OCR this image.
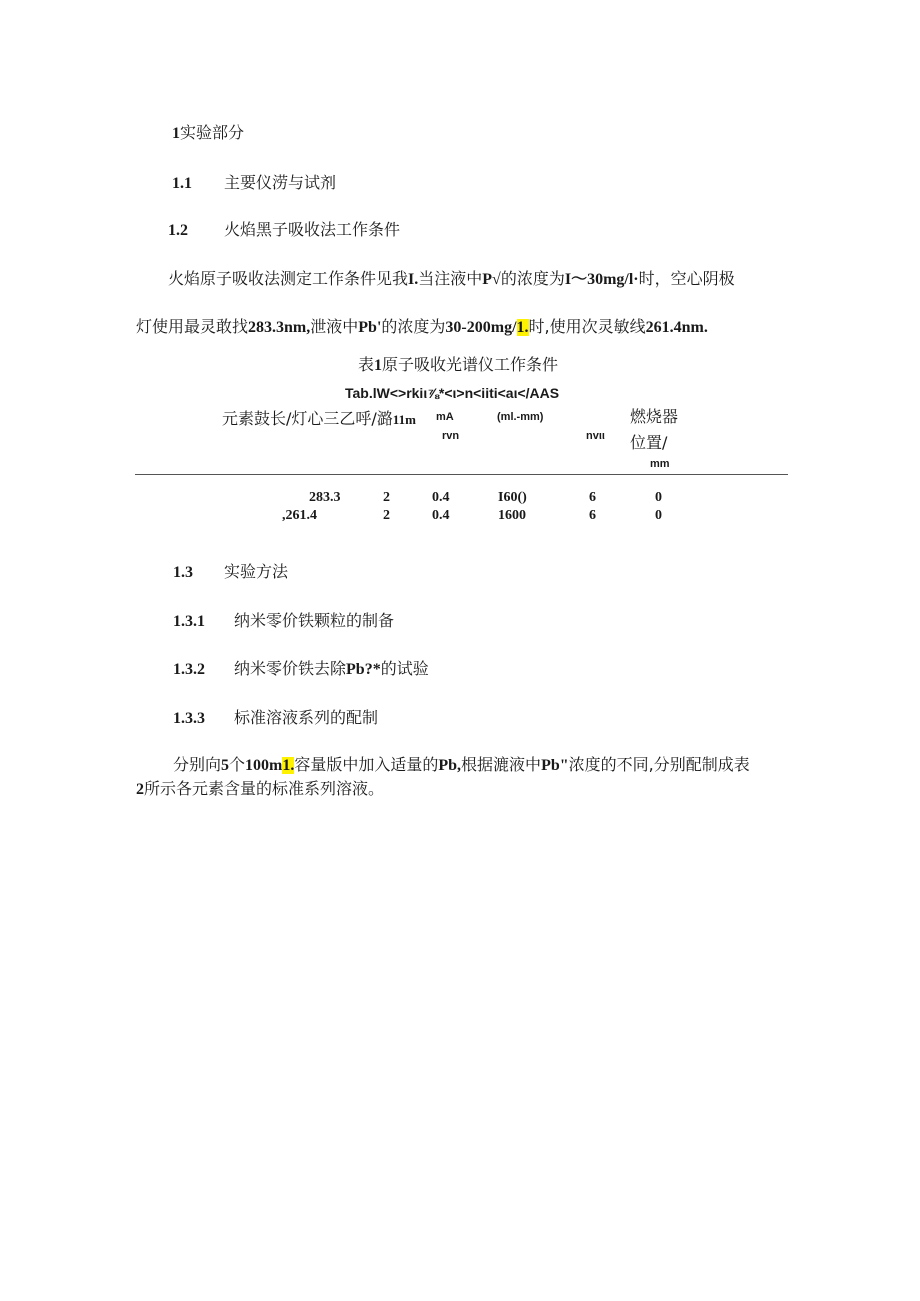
1实验部分
1.1 主要仪涝与试剂
1.2 火焰黑子吸收法工作条件
火焰原子吸收法测定工作条件见我I.当注液中P√的浓度为I～30mg/l·时，空心阴极
灯使用最灵敢找283.3nm,泄液中Pb'的浓度为30-200mg/1.时,使用次灵敏线261.4nm.
表1原子吸收光谱仪工作条件
Tab.lW<>rkiι⅞*<ι>n<iiti<aι</AAS
元素鼓长/灯心三乙呼/潞11m mA	(ml.-mm)	燃烧器
rvn	nvιι 位置/
mm
283.3	2	0.4	I60()	6	0
,261.4	2	0.4	1600	6	0
1.3 实验方法
1.3.1 纳米零价铁颗粒的制备
1.3.2 纳米零价铁去除Pb?*的试验
1.3.3 标准溶液系列的配制
分别向5个100m1.容量版中加入适量的Pb,根据漉液中Pb"浓度的不同,分别配制成表
2所示各元素含量的标准系列溶液。
